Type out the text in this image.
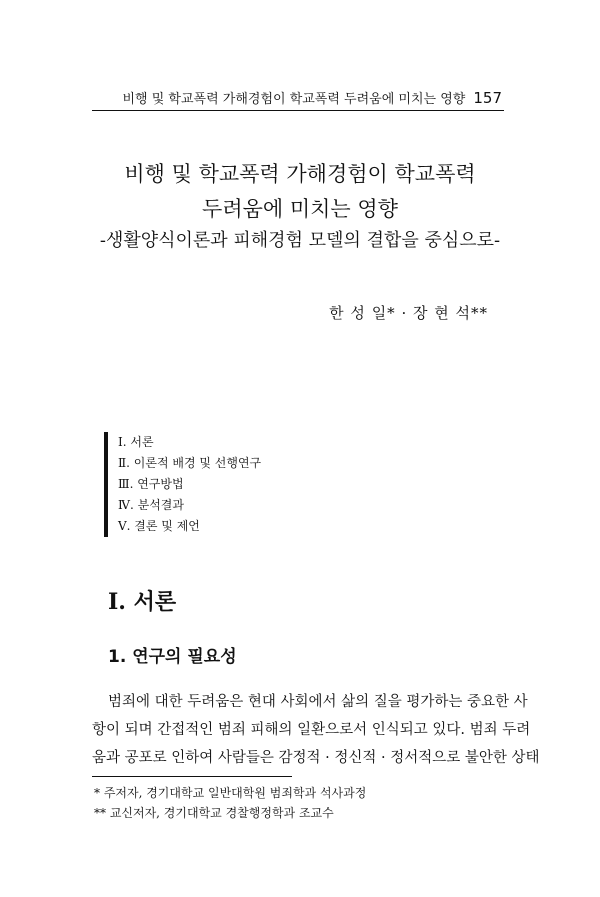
비행 및 학교폭력 가해경험이 학교폭력 두려움에 미치는 영향 157
비행 및 학교폭력 가해경험이 학교폭력
두려움에 미치는 영향
-생활양식이론과 피해경험 모델의 결합을 중심으로-
한 성 일* · 장 현 석**
Ⅰ. 서론
Ⅱ. 이론적 배경 및 선행연구
Ⅲ. 연구방법
Ⅳ. 분석결과
Ⅴ. 결론 및 제언
Ⅰ. 서론
1. 연구의 필요성
범죄에 대한 두려움은 현대 사회에서 삶의 질을 평가하는 중요한 사
항이 되며 간접적인 범죄 피해의 일환으로서 인식되고 있다. 범죄 두려
움과 공포로 인하여 사람들은 감정적 · 정신적 · 정서적으로 불안한 상태
* 주저자, 경기대학교 일반대학원 범죄학과 석사과정
** 교신저자, 경기대학교 경찰행정학과 조교수
